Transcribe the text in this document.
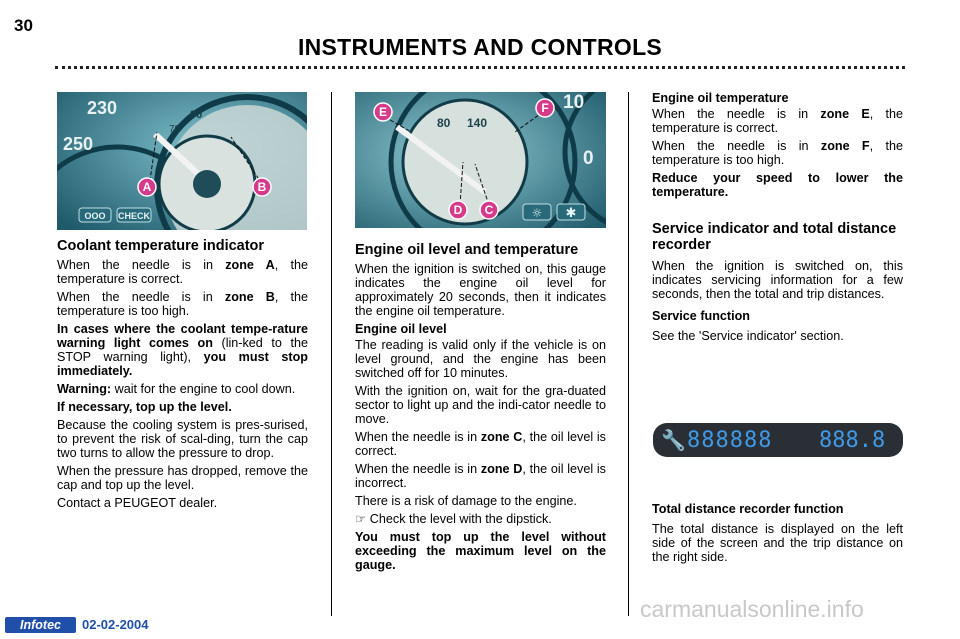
30
INSTRUMENTS AND CONTROLS
230
250
70
90
A	B
OOO CHECK
Coolant temperature indicator

When the needle is in zone A, the temperature is correct.

When the needle is in zone B, the temperature is too high.

In cases where the coolant tempe-rature warning light comes on (lin-ked to the STOP warning light), you must stop immediately.

Warning: wait for the engine to cool down.

If necessary, top up the level.

Because the cooling system is pres-surised, to prevent the risk of scal-ding, turn the cap two turns to allow the pressure to drop.

When the pressure has dropped, remove the cap and top up the level.

Contact a PEUGEOT dealer.

80 140
10
0
E	F
D C	✱
☼
Engine oil level and temperature

When the ignition is switched on, this gauge indicates the engine oil level for approximately 20 seconds, then it indicates the engine oil temperature.

Engine oil level

The reading is valid only if the vehicle is on level ground, and the engine has been switched off for 10 minutes.

With the ignition on, wait for the gra-duated sector to light up and the indi-cator needle to move.

When the needle is in zone C, the oil level is correct.

When the needle is in zone D, the oil level is incorrect.

There is a risk of damage to the engine.

☞ Check the level with the dipstick.

You must top up the level without exceeding the maximum level on the gauge.

Engine oil temperature

When the needle is in zone E, the temperature is correct.

When the needle is in zone F, the temperature is too high.

Reduce your speed to lower the temperature.

Service indicator and total distance recorder

When the ignition is switched on, this indicates servicing information for a few seconds, then the total and trip distances.

Service function

See the 'Service indicator' section.

🔧 888888 888.8
Total distance recorder function

The total distance is displayed on the left side of the screen and the trip distance on the right side.

Infotec	02-02-2004
carmanualsonline.info
